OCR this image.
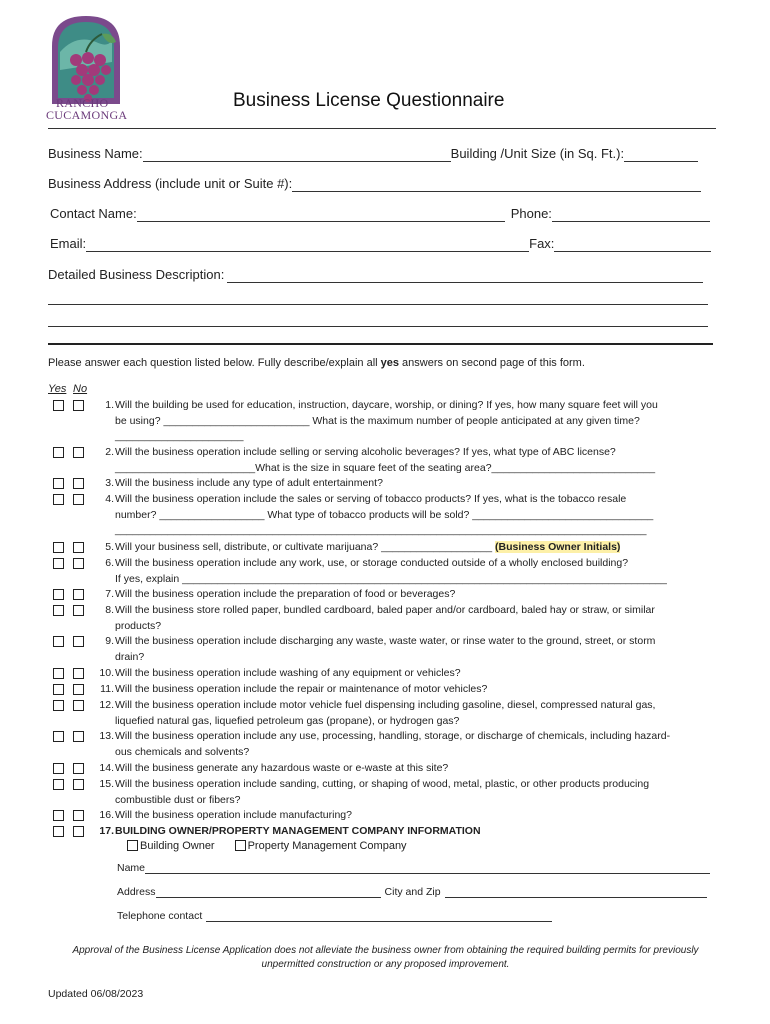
RANCHO
CUCAMONGA
Business License Questionnaire
Business Name:	Building /Unit Size (in Sq. Ft.):
Business Address (include unit or Suite #):
Contact Name:	Phone:
Email:	Fax:
Detailed Business Description:
Please answer each question listed below. Fully describe/explain all yes answers on second page of this form.
Yes No
1. Will the building be used for education, instruction, daycare, worship, or dining? If yes, how many square feet will you
be using? _________________________ What is the maximum number of people anticipated at any given time?
______________________
2. Will the business operation include selling or serving alcoholic beverages? If yes, what type of ABC license?
________________________What is the size in square feet of the seating area?____________________________
3. Will the business include any type of adult entertainment?
4. Will the business operation include the sales or serving of tobacco products? If yes, what is the tobacco resale
number? __________________ What type of tobacco products will be sold? _______________________________
___________________________________________________________________________________________
5. Will your business sell, distribute, or cultivate marijuana? ___________________ (Business Owner Initials)
6. Will the business operation include any work, use, or storage conducted outside of a wholly enclosed building?
If yes, explain ___________________________________________________________________________________
7. Will the business operation include the preparation of food or beverages?
8. Will the business store rolled paper, bundled cardboard, baled paper and/or cardboard, baled hay or straw, or similar
products?
9. Will the business operation include discharging any waste, waste water, or rinse water to the ground, street, or storm
drain?
10. Will the business operation include washing of any equipment or vehicles?
11. Will the business operation include the repair or maintenance of motor vehicles?
12. Will the business operation include motor vehicle fuel dispensing including gasoline, diesel, compressed natural gas,
liquefied natural gas, liquefied petroleum gas (propane), or hydrogen gas?
13. Will the business operation include any use, processing, handling, storage, or discharge of chemicals, including hazard-
ous chemicals and solvents?
14. Will the business generate any hazardous waste or e-waste at this site?
15. Will the business operation include sanding, cutting, or shaping of wood, metal, plastic, or other products producing
combustible dust or fibers?
16. Will the business operation include manufacturing?
17. BUILDING OWNER/PROPERTY MANAGEMENT COMPANY INFORMATION
Building Owner	Property Management Company
Name
Address	City and Zip
Telephone contact
Approval of the Business License Application does not alleviate the business owner from obtaining the required building permits for previously unpermitted construction or any proposed improvement.
Updated 06/08/2023
